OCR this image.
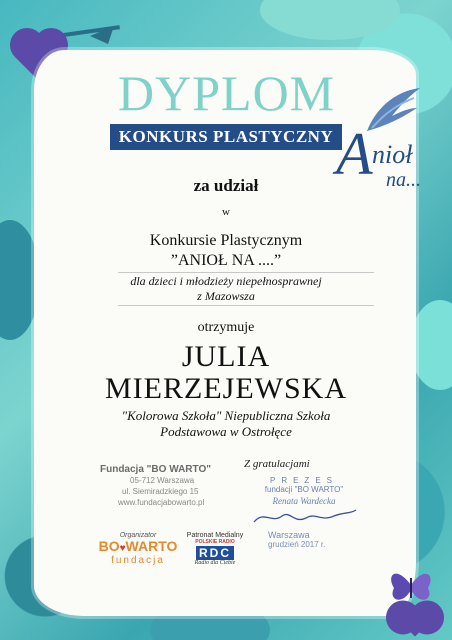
DYPLOM
KONKURS PLASTYCZNY A nioł
na...
za udział
w
Konkursie Plastycznym
”ANIOŁ NA ....”
dla dzieci i młodzieży niepełnosprawnej
z Mazowsza
otrzymuje
JULIA
MIERZEJEWSKA
"Kolorowa Szkoła" Niepubliczna Szkoła
Podstawowa w Ostrołęce
Fundacja "BO WARTO"
05-712 Warszawa
ul. Siemiradzkiego 15
www.fundacjabowarto.pl
Z gratulacjami
PREZES
fundacji "BO WARTO"
Renata Wardecka
Warszawa
grudzień 2017 r.
Organizator
BO♥WARTO
fundacja
Patronat Medialny
POLSKIE RADIO
RDC
Radio dla Ciebie
